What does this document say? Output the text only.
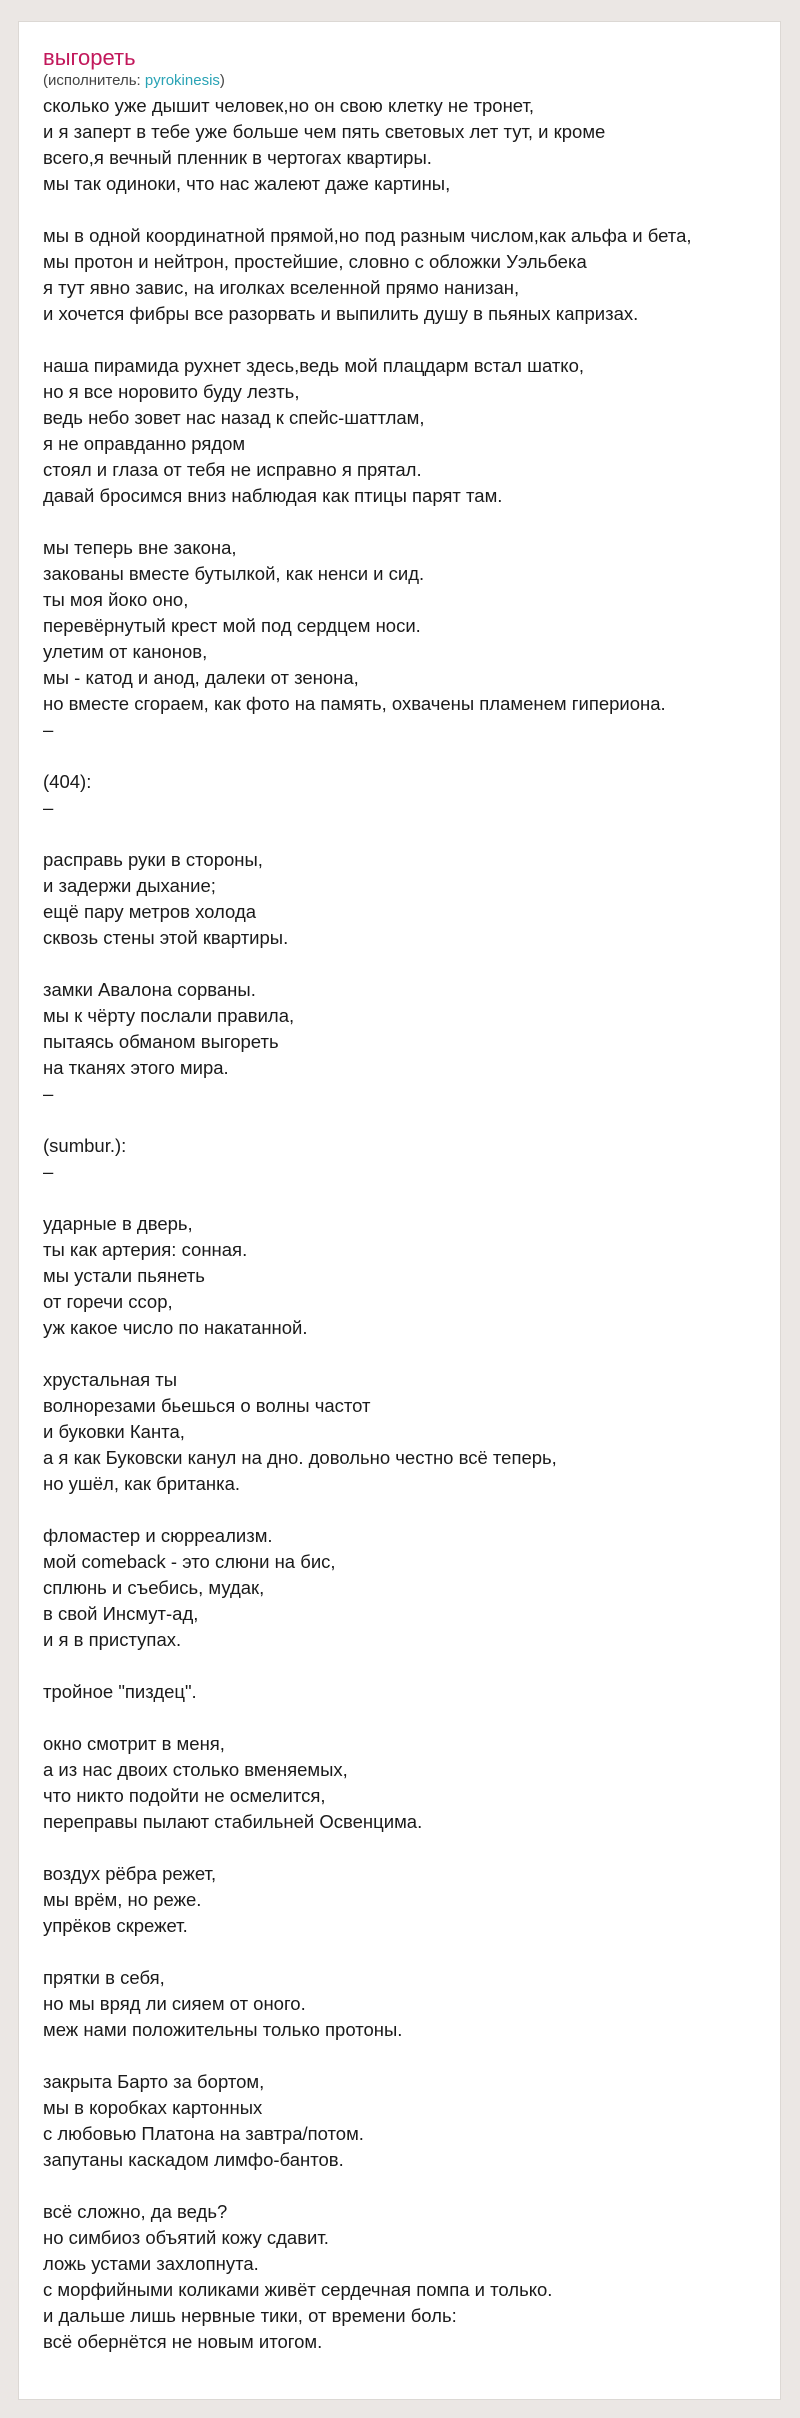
выгореть
(исполнитель: pyrokinesis)
сколько уже дышит человек,но он свою клетку не тронет,
и я заперт в тебе уже больше чем пять световых лет тут, и кроме
всего,я вечный пленник в чертогах квартиры.
мы так одиноки, что нас жалеют даже картины,
мы в одной координатной прямой,но под разным числом,как альфа и бета,
мы протон и нейтрон, простейшие, словно с обложки Уэльбека
я тут явно завис, на иголках вселенной прямо нанизан,
и хочется фибры все разорвать и выпилить душу в пьяных капризах.
наша пирамида рухнет здесь,ведь мой плацдарм встал шатко,
но я все норовито буду лезть,
ведь небо зовет нас назад к спейс-шаттлам,
я не оправданно рядом
стоял и глаза от тебя не исправно я прятал.
давай бросимся вниз наблюдая как птицы парят там.
мы теперь вне закона,
закованы вместе бутылкой, как ненси и сид.
ты моя йоко оно,
перевёрнутый крест мой под сердцем носи.
улетим от канонов,
мы - катод и анод, далеки от зенона,
но вместе сгораем, как фото на память, охвачены пламенем гипериона.
–
(404):
–
расправь руки в стороны,
и задержи дыхание;
ещё пару метров холода
сквозь стены этой квартиры.
замки Авалона сорваны.
мы к чёрту послали правила,
пытаясь обманом выгореть
на тканях этого мира.
–
(sumbur.):
–
ударные в дверь,
ты как артерия: сонная.
мы устали пьянеть
от горечи ссор,
уж какое число по накатанной.
хрустальная ты
волнорезами бьешься о волны частот
и буковки Канта,
а я как Буковски канул на дно. довольно честно всё теперь,
но ушёл, как британка.
фломастер и сюрреализм.
мой comeback - это слюни на бис,
сплюнь и съебись, мудак,
в свой Инсмут-ад,
и я в приступах.
тройное "пиздец".
окно смотрит в меня,
а из нас двоих столько вменяемых,
что никто подойти не осмелится,
переправы пылают стабильней Освенцима.
воздух рёбра режет,
мы врём, но реже.
упрёков скрежет.
прятки в себя,
но мы вряд ли сияем от оного.
меж нами положительны только протоны.
закрыта Барто за бортом,
мы в коробках картонных
с любовью Платона на завтра/потом.
запутаны каскадом лимфо-бантов.
всё сложно, да ведь?
но симбиоз объятий кожу сдавит.
ложь устами захлопнута.
с морфийными коликами живёт сердечная помпа и только.
и дальше лишь нервные тики, от времени боль:
всё обернётся не новым итогом.
